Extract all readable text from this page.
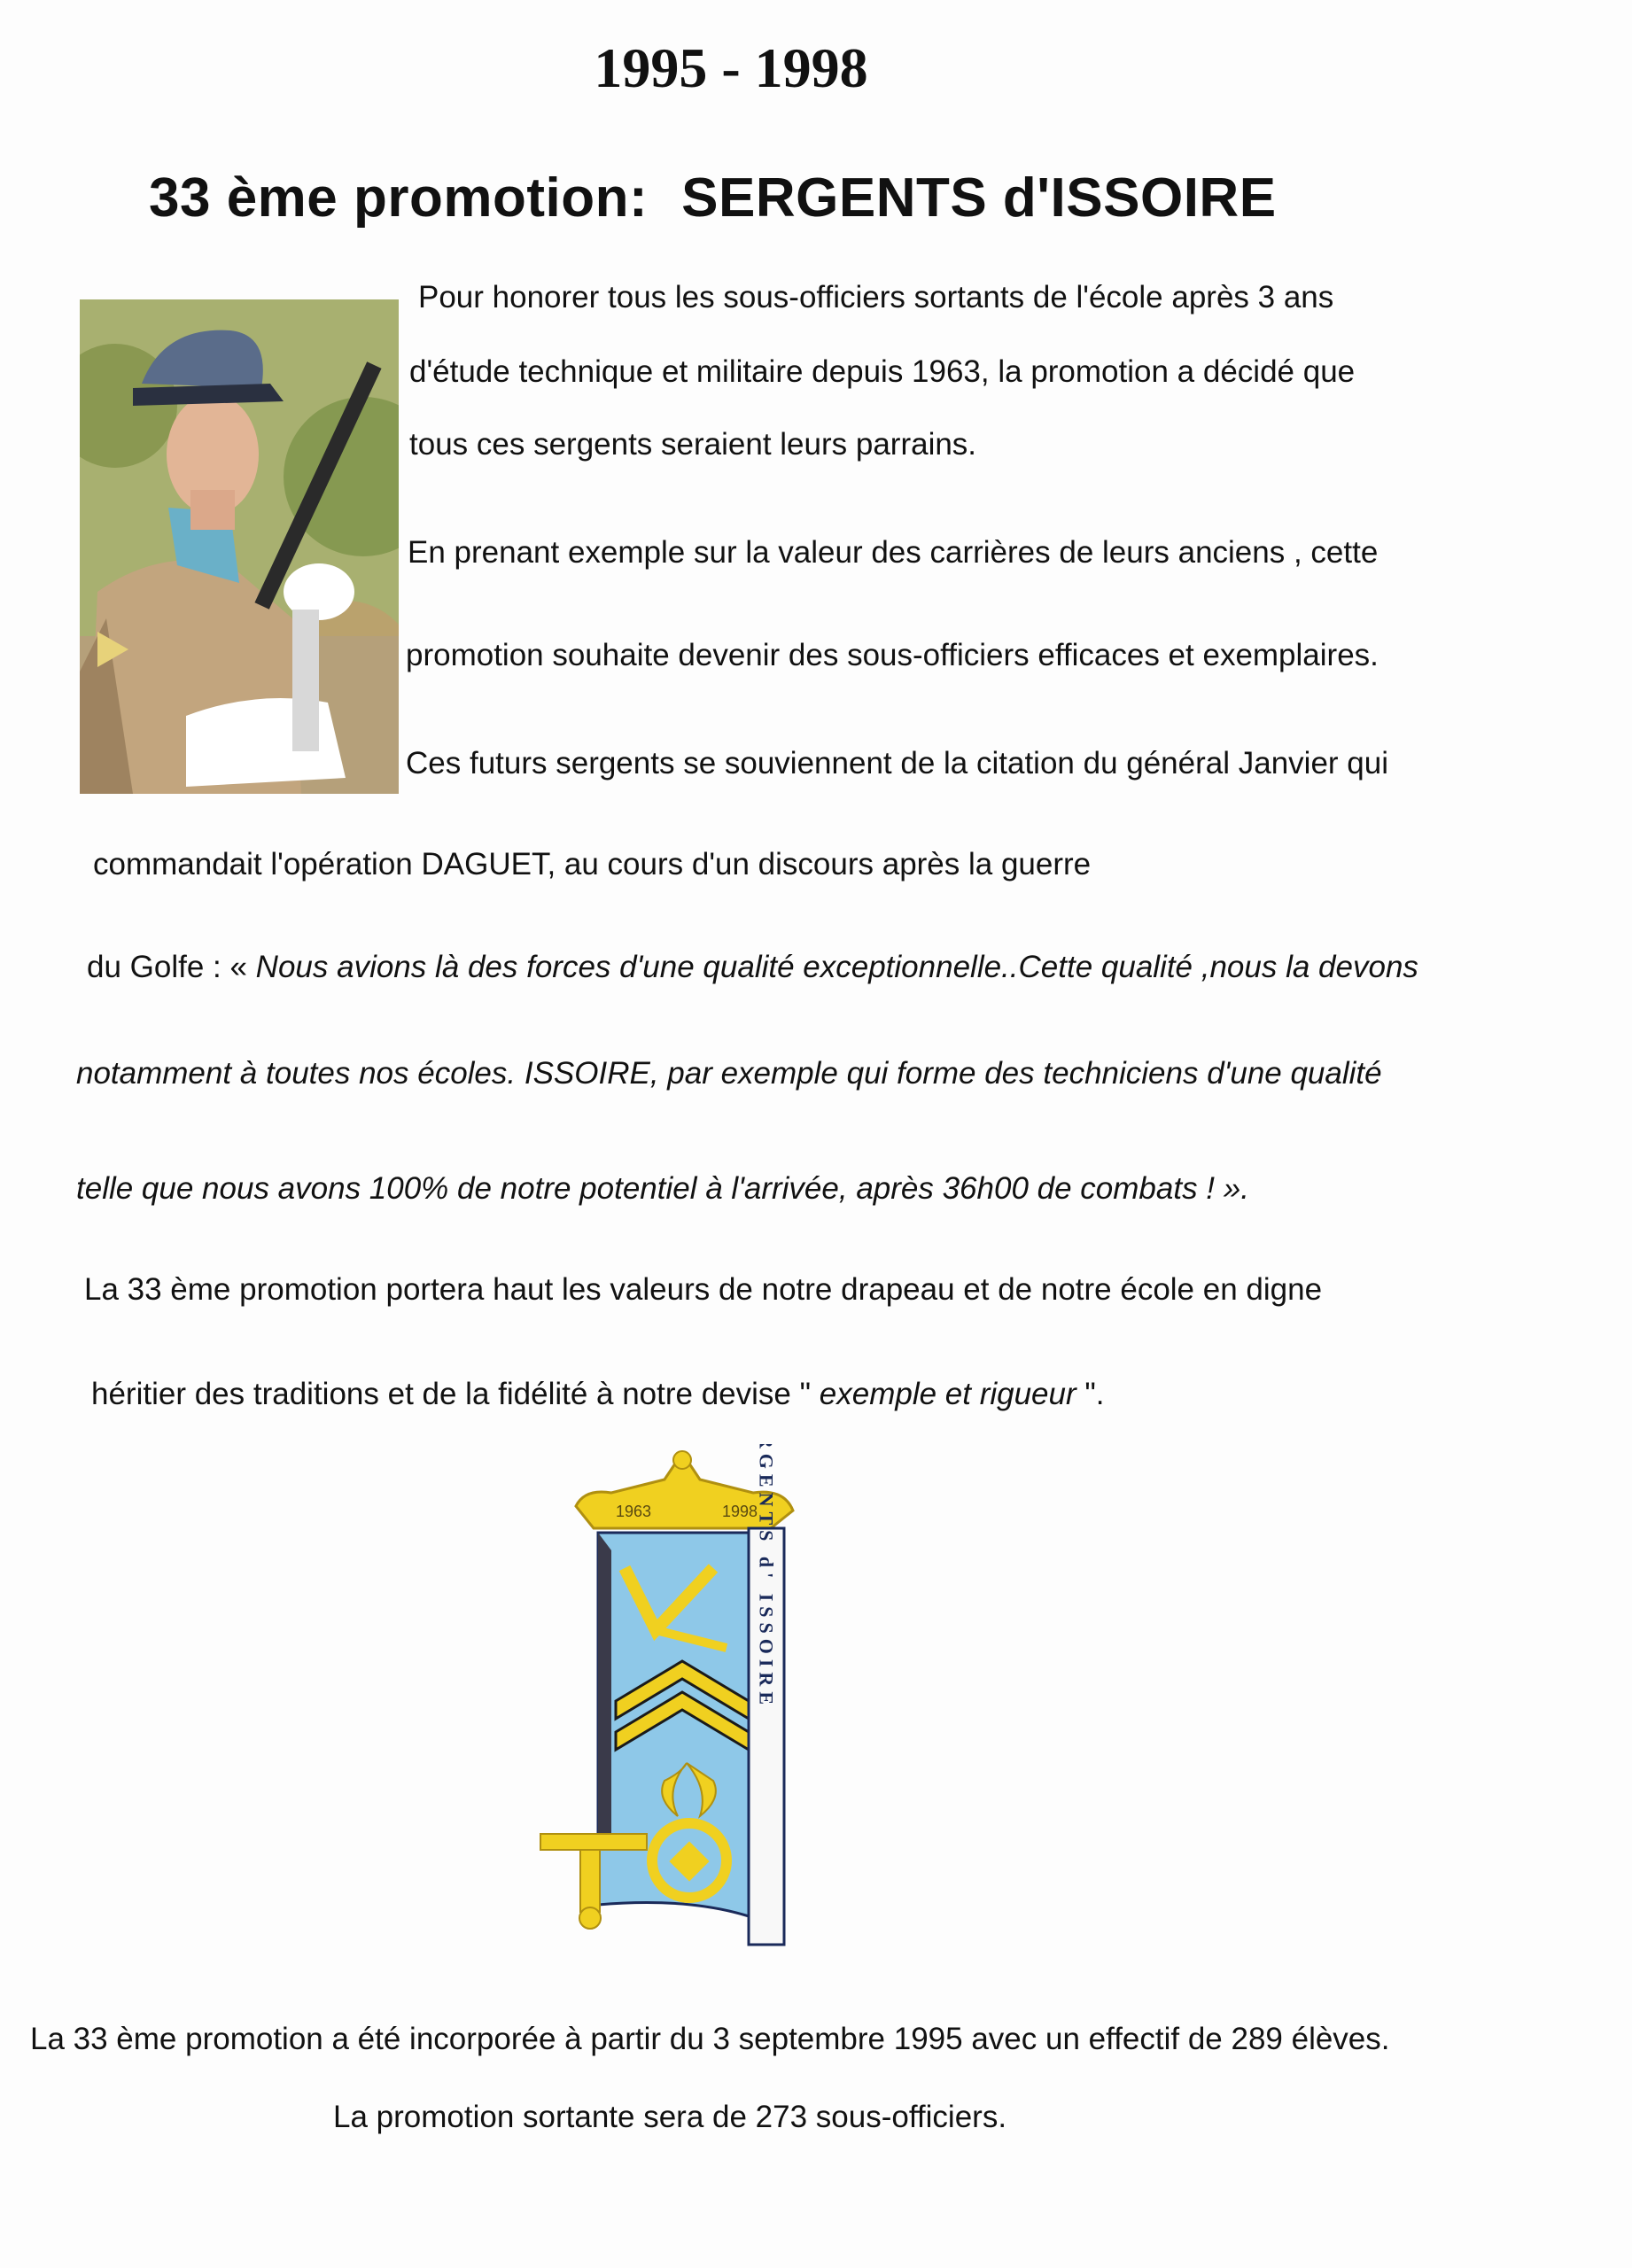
1995 - 1998
33 ème promotion: SERGENTS d'ISSOIRE
Pour honorer tous les sous-officiers sortants de l'école après 3 ans
d'étude technique et militaire depuis 1963, la promotion a décidé que
tous ces sergents seraient leurs parrains.
En prenant exemple sur la valeur des carrières de leurs anciens , cette
promotion souhaite devenir des sous-officiers efficaces et exemplaires.
Ces futurs sergents se souviennent de la citation du général Janvier qui
commandait l'opération DAGUET, au cours d'un discours après la guerre
du Golfe : « Nous avions là des forces d'une qualité exceptionnelle..Cette qualité ,nous la devons
notamment à toutes nos écoles. ISSOIRE, par exemple qui forme des techniciens d'une qualité
telle que nous avons 100% de notre potentiel à l'arrivée, après 36h00 de combats ! ».
La 33 ème promotion portera haut les valeurs de notre drapeau et de notre école en digne
héritier des traditions et de la fidélité à notre devise " exemple et rigueur ".
1963	1998
SERGENTS d' ISSOIRE
La 33 ème promotion a été incorporée à partir du 3 septembre 1995 avec un effectif de 289 élèves.
La promotion sortante sera de 273 sous-officiers.
